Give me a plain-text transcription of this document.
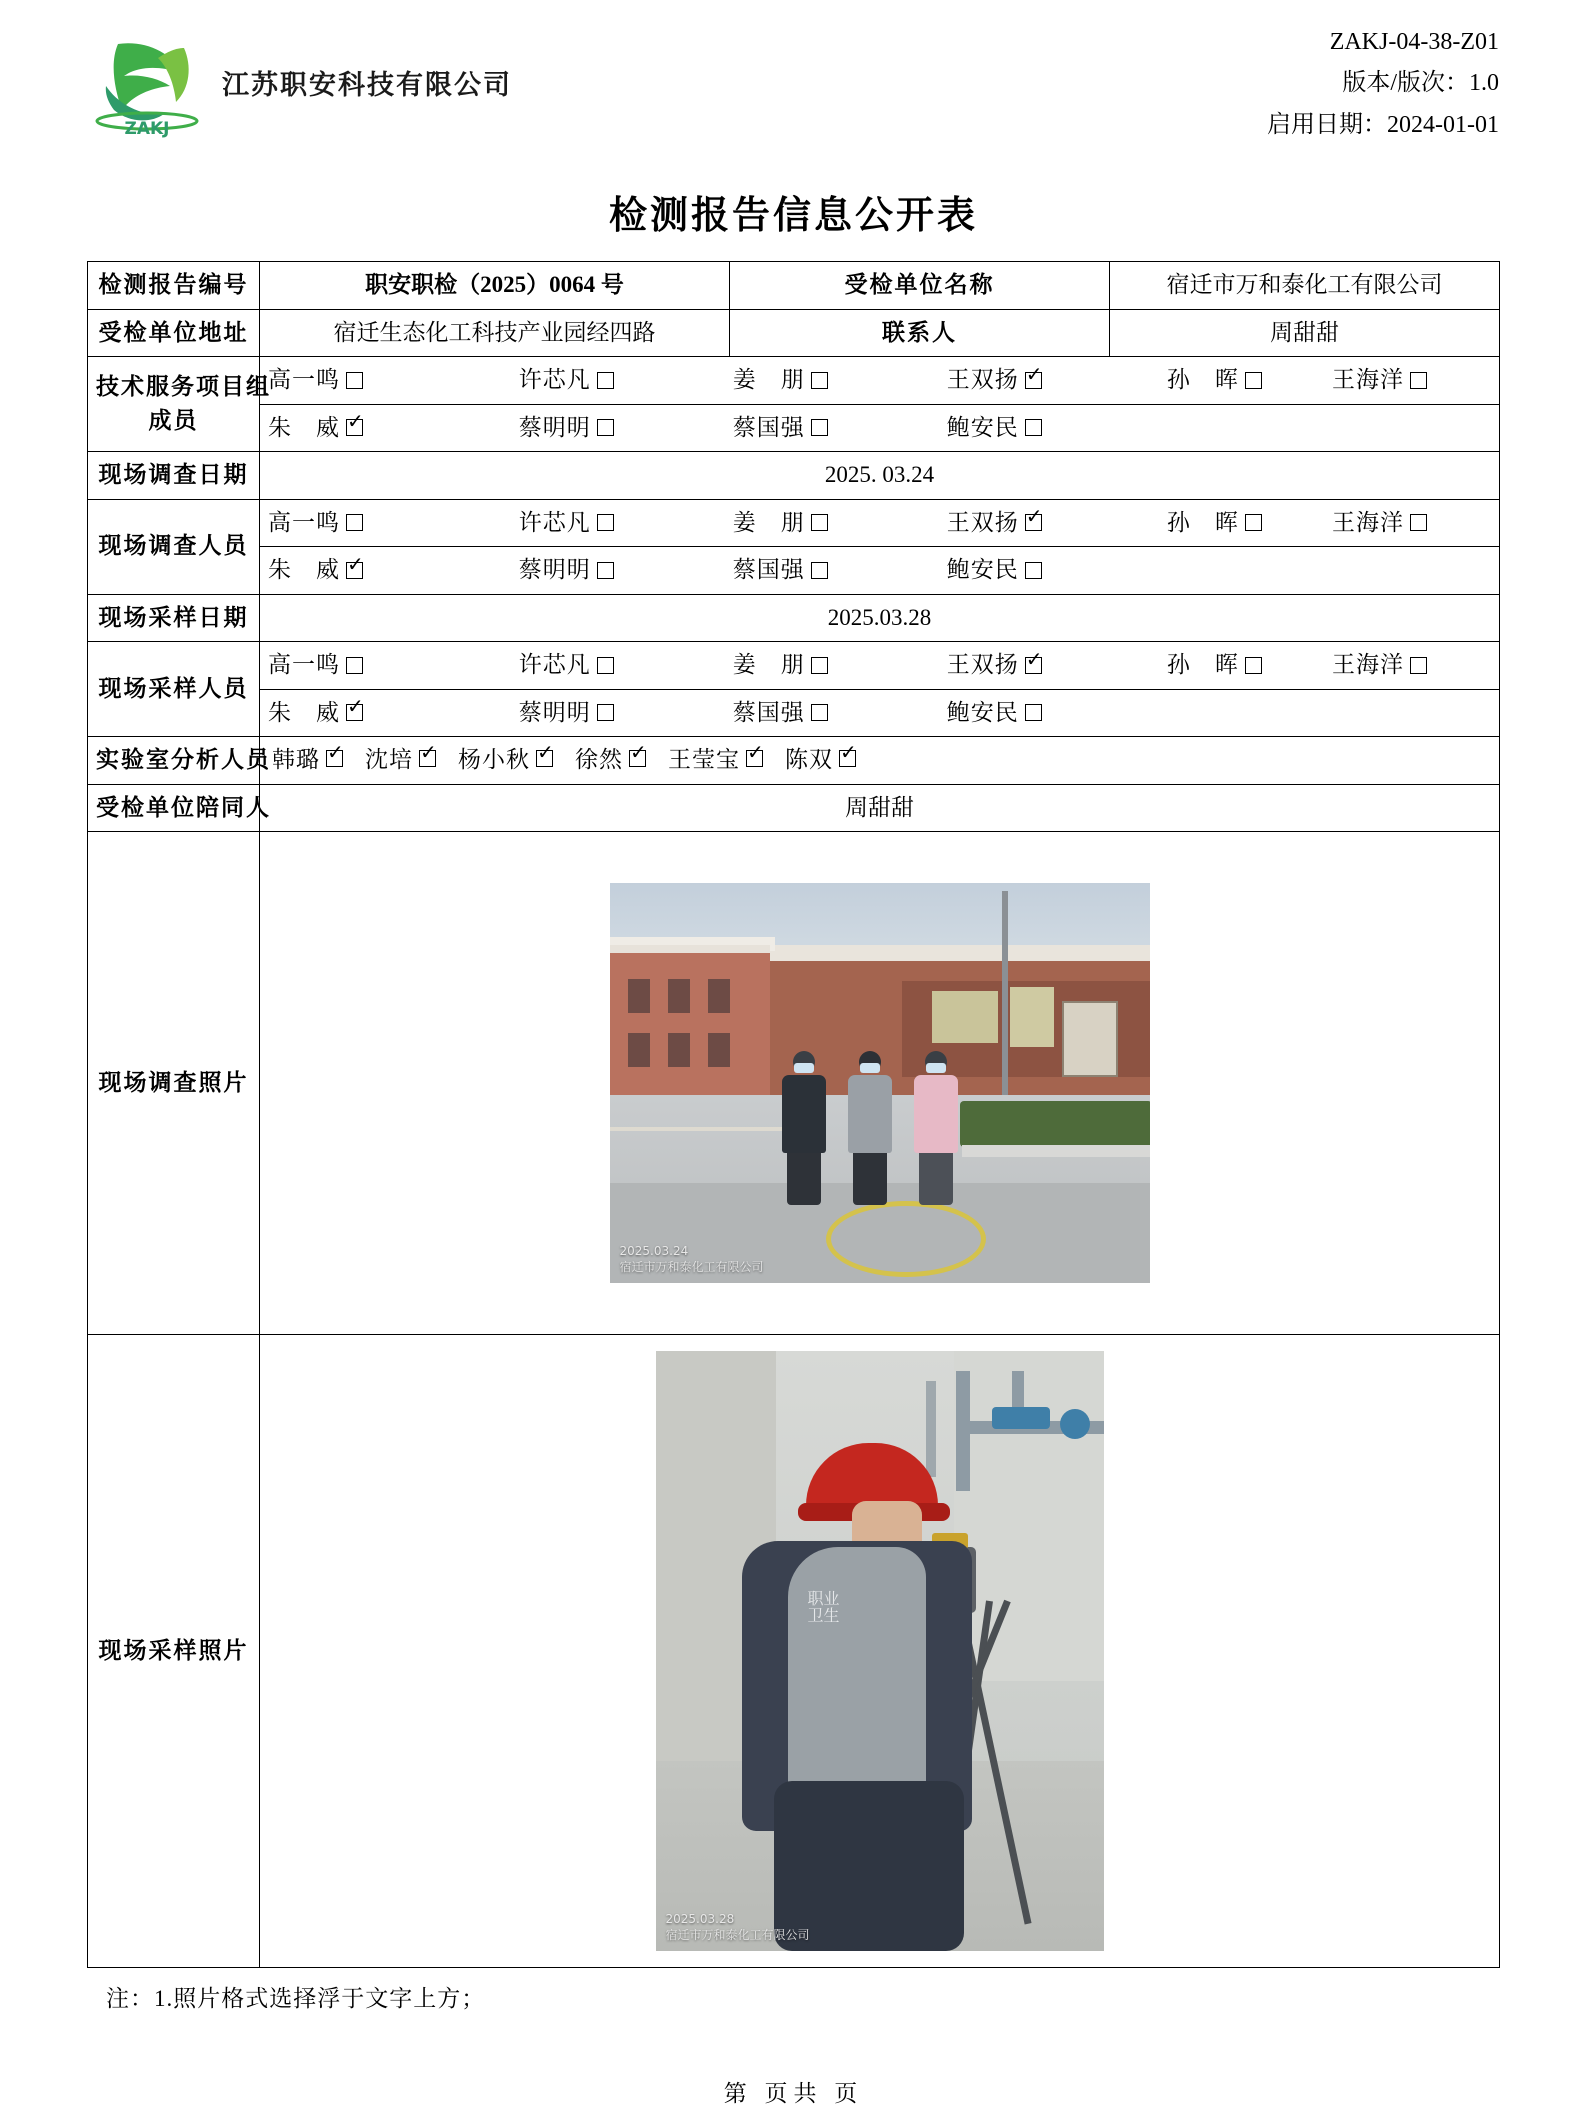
ZAKJ
江苏职安科技有限公司
ZAKJ-04-38-Z01
版本/版次：1.0
启用日期：2024-01-01
检测报告信息公开表
检测报告编号	职安职检（2025）0064 号	受检单位名称	宿迁市万和泰化工有限公司
受检单位地址	宿迁生态化工科技产业园经四路	联系人	周甜甜

技术服务项目组
成员

高一鸣	许芯凡	姜　朋	王双扬 ✓	孙　晖	王海洋

	朱　威 ✓ 蔡明明 蔡国强 鲍安民

现场调查日期	2025. 03.24		
现场调查人员	
高一鸣	许芯凡	姜　朋	王双扬 ✓	孙　晖	王海洋

	朱　威 ✓ 蔡明明 蔡国强 鲍安民

现场采样日期	2025.03.28		
现场采样人员	
高一鸣	许芯凡	姜　朋	王双扬 ✓	孙　晖	王海洋

	朱　威 ✓ 蔡明明 蔡国强 鲍安民

实验室分析人员	韩璐 ✓	沈培 ✓	杨小秋 ✓	徐然 ✓	王莹宝 ✓	陈双✓

受检单位陪同人	周甜甜		
现场调查照片	2025.03.24
宿迁市万和泰化工有限公司		

现场采样照片	职业卫生
2025.03.28
宿迁市万和泰化工有限公司		
注：1.照片格式选择浮于文字上方；
第 页共 页
